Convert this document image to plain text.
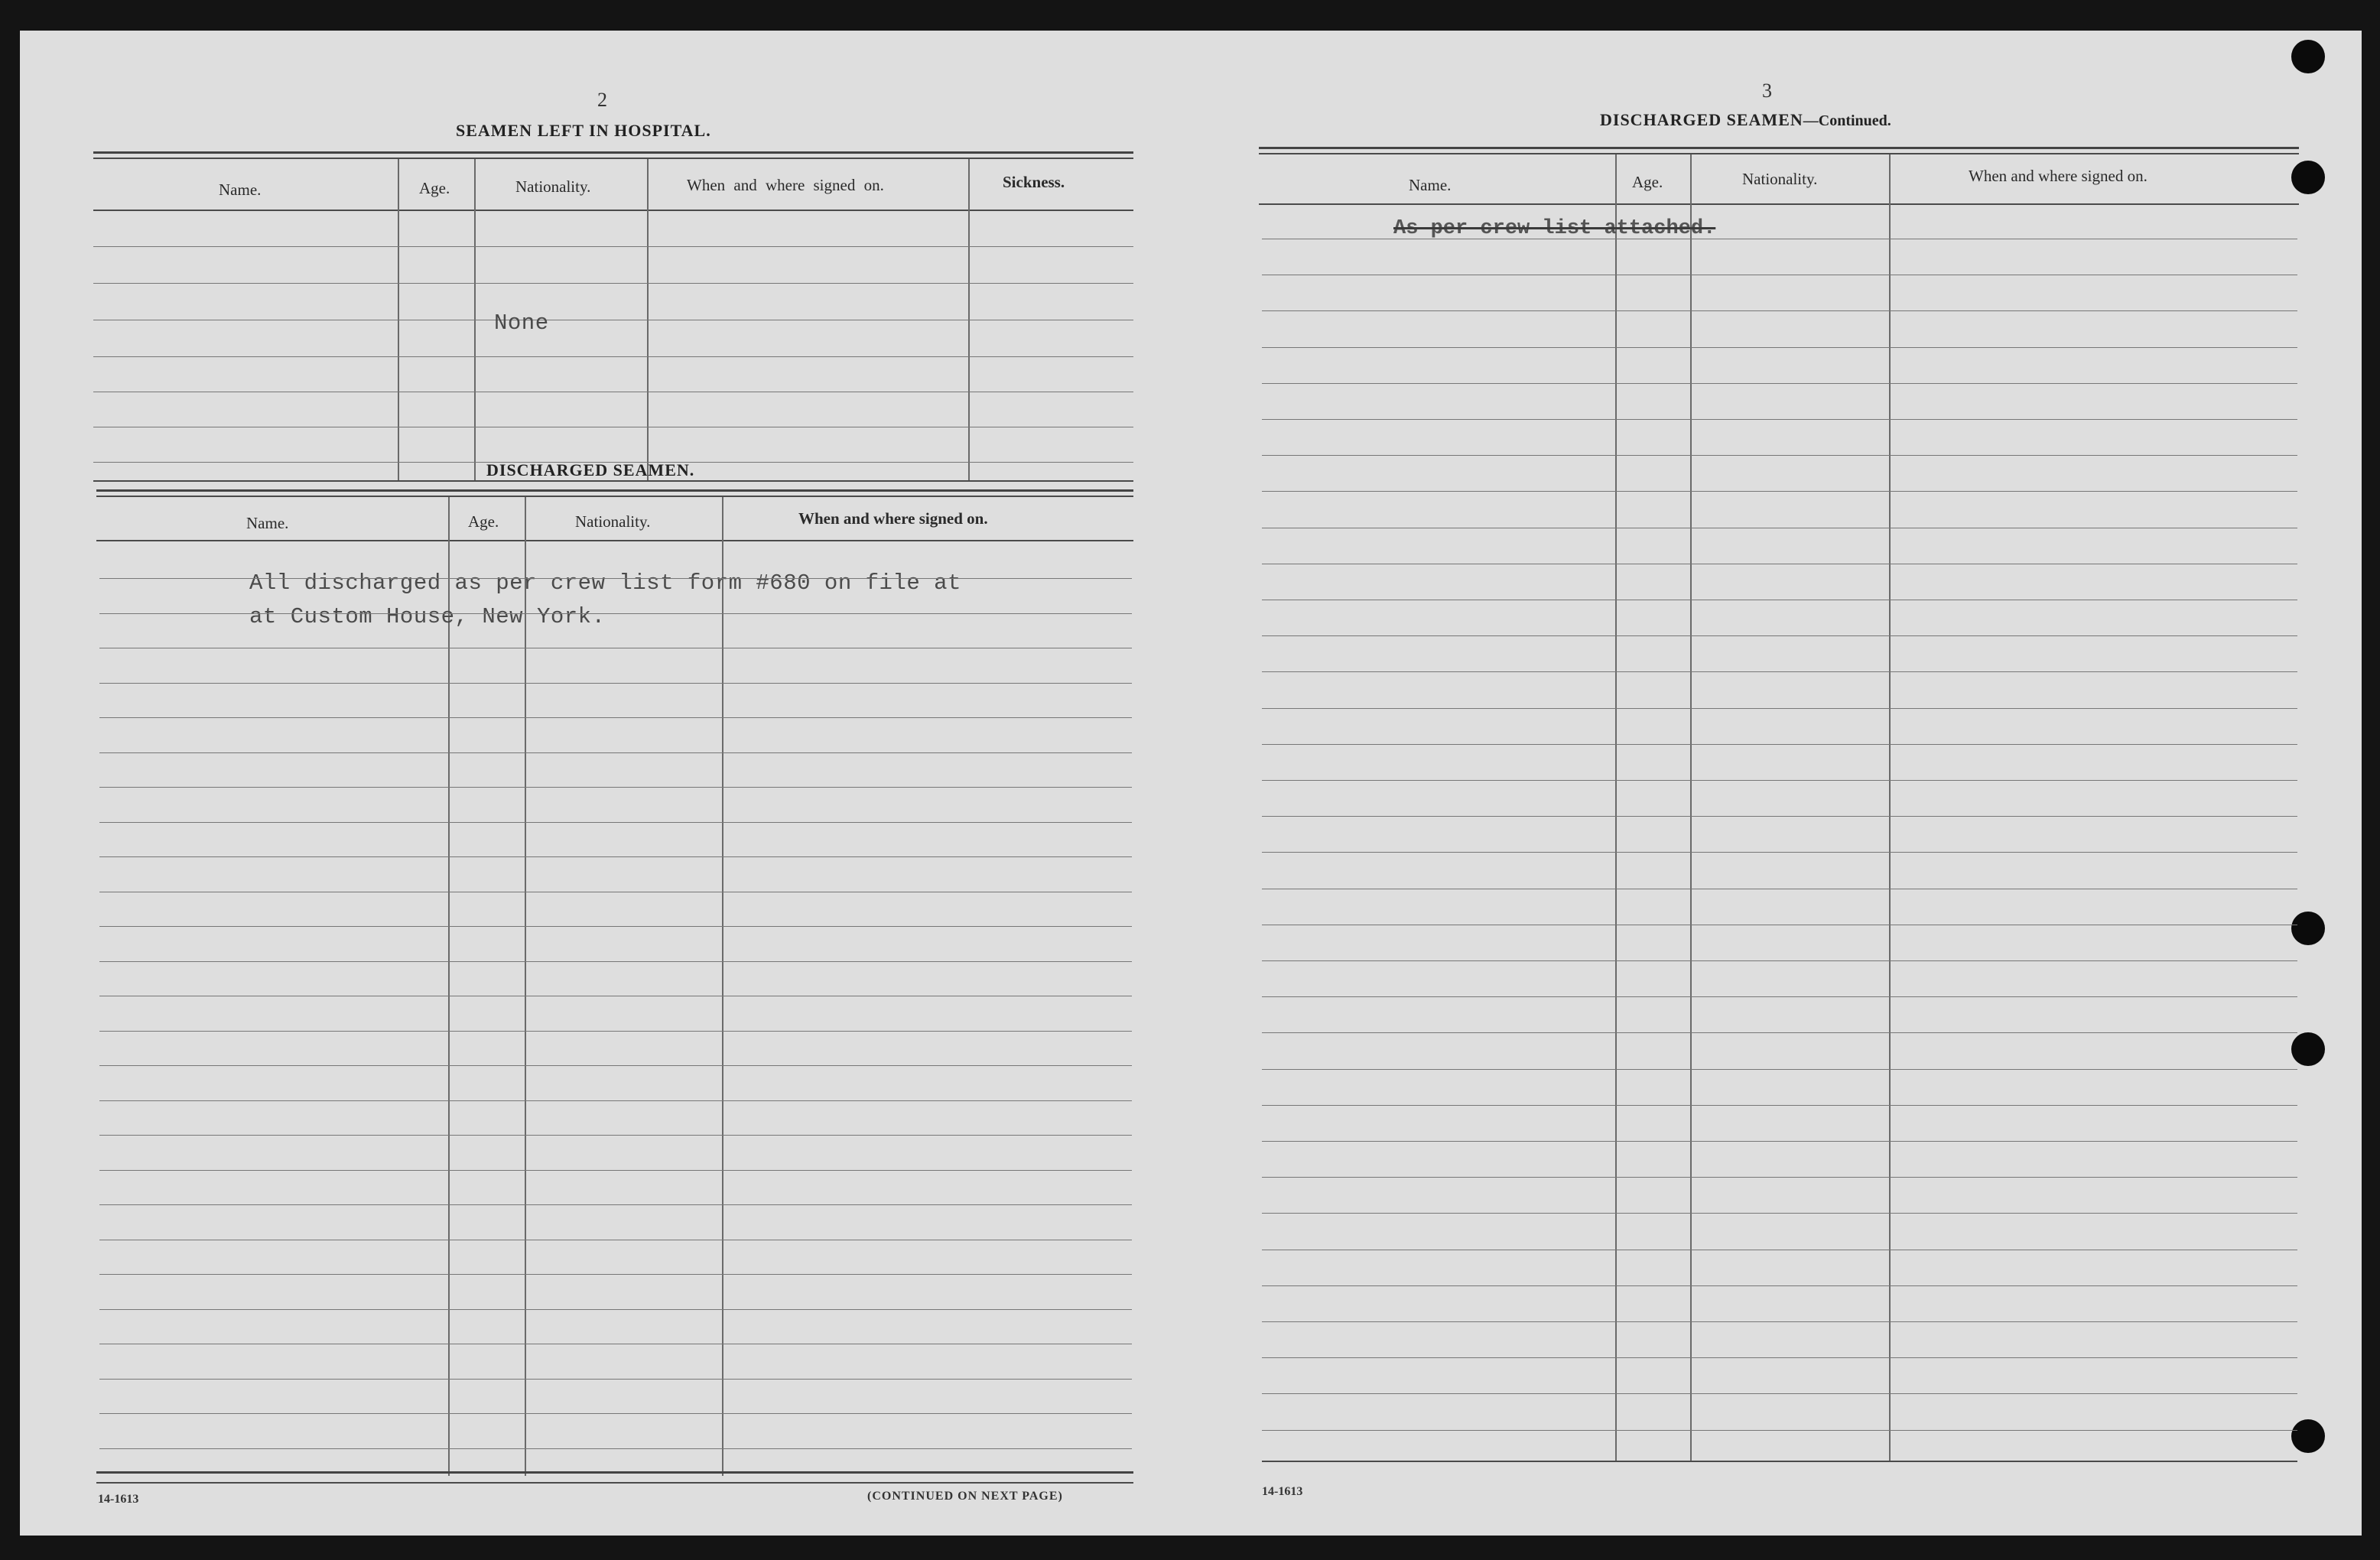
2
SEAMEN LEFT IN HOSPITAL.
Name.	Age.	Nationality.	When and where signed on.	Sickness.
None
DISCHARGED SEAMEN.
Name.	Age.	Nationality.	When and where signed on.
All discharged as per crew list form #680 on file at
at Custom House, New York.
14-1613	(CONTINUED ON NEXT PAGE)
3
DISCHARGED SEAMEN—Continued.
Name.	Age.	Nationality.	When and where signed on.
As per crew list attached.
14-1613
